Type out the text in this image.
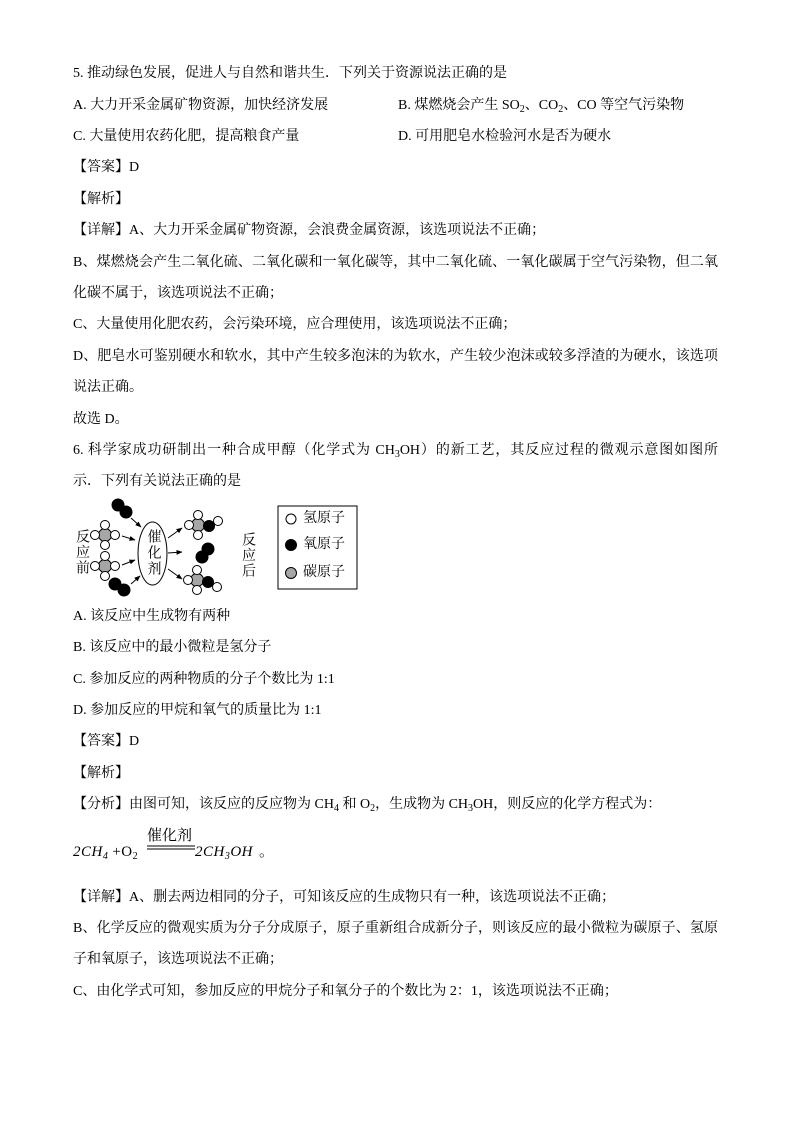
5. 推动绿色发展，促进人与自然和谐共生．下列关于资源说法正确的是
A. 大力开采金属矿物资源，加快经济发展	B. 煤燃烧会产生 $SO_2$、$CO_2$、CO 等空气污染物
C. 大量使用农药化肥，提高粮食产量	D. 可用肥皂水检验河水是否为硬水
【答案】D
【解析】
【详解】A、大力开采金属矿物资源，会浪费金属资源，该选项说法不正确；
B、煤燃烧会产生二氧化硫、二氧化碳和一氧化碳等，其中二氧化硫、一氧化碳属于空气污染物，但二氧
化碳不属于，该选项说法不正确；
C、大量使用化肥农药，会污染环境，应合理使用，该选项说法不正确；
D、肥皂水可鉴别硬水和软水，其中产生较多泡沫的为软水，产生较少泡沫或较多浮渣的为硬水，该选项
说法正确。
故选 D。
6. 科学家成功研制出一种合成甲醇（化学式为 $CH_3OH$）的新工艺，其反应过程的微观示意图如图所
示．下列有关说法正确的是
反应前	催化剂	反应后
氢原子
氧原子
碳原子
A. 该反应中生成物有两种
B. 该反应中的最小微粒是氢分子
C. 参加反应的两种物质的分子个数比为 1:1
D. 参加反应的甲烷和氧气的质量比为 1:1
【答案】D
【解析】
【分析】由图可知，该反应的反应物为 $CH_4$ 和 $O_2$，生成物为 $CH_3OH$，则反应的化学方程式为：
催化剂
$2CH_4 +O_2$	$2CH_3OH$ 。
【详解】A、删去两边相同的分子，可知该反应的生成物只有一种，该选项说法不正确；
B、化学反应的微观实质为分子分成原子，原子重新组合成新分子，则该反应的最小微粒为碳原子、氢原
子和氧原子，该选项说法不正确；
C、由化学式可知，参加反应的甲烷分子和氧分子的个数比为 2：1，该选项说法不正确；
